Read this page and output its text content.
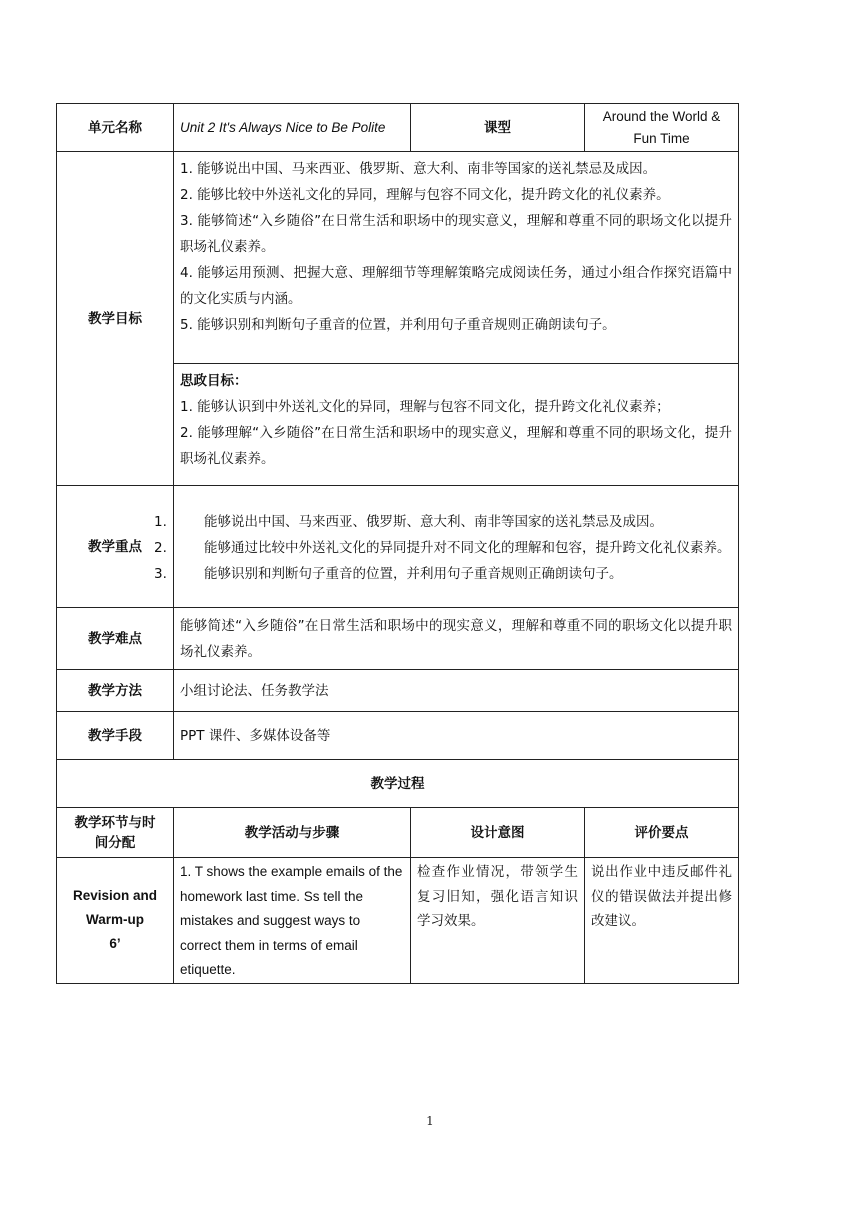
单元名称	Unit 2 It's Always Nice to Be Polite	课型	Around the World & Fun Time
教学目标	1. 能够说出中国、马来西亚、俄罗斯、意大利、南非等国家的送礼禁忌及成因。
2. 能够比较中外送礼文化的异同，理解与包容不同文化，提升跨文化的礼仪素养。
3. 能够简述“入乡随俗”在日常生活和职场中的现实意义，理解和尊重不同的职场文化以提升职场礼仪素养。
4. 能够运用预测、把握大意、理解细节等理解策略完成阅读任务，通过小组合作探究语篇中的文化实质与内涵。
5. 能够识别和判断句子重音的位置，并利用句子重音规则正确朗读句子。		

	思政目标：
1. 能够认识到中外送礼文化的异同，理解与包容不同文化，提升跨文化礼仪素养；
2. 能够理解“入乡随俗”在日常生活和职场中的现实意义，理解和尊重不同的职场文化，提升职场礼仪素养。		

教学重点	1. 能够说出中国、马来西亚、俄罗斯、意大利、南非等国家的送礼禁忌及成因。
2. 能够通过比较中外送礼文化的异同提升对不同文化的理解和包容，提升跨文化礼仪素养。
3. 能够识别和判断句子重音的位置，并利用句子重音规则正确朗读句子。		

教学难点	能够简述“入乡随俗”在日常生活和职场中的现实意义，理解和尊重不同的职场文化以提升职场礼仪素养。		

教学方法	小组讨论法、任务教学法		
教学手段	PPT 课件、多媒体设备等		
教学过程			
教学环节与时间分配	教学活动与步骤	设计意图	评价要点

Revision and
Warm-up
6’	1. T shows the example emails of the homework last time. Ss tell the mistakes and suggest ways to correct them in terms of email etiquette.	检查作业情况，带领学生复习旧知，强化语言知识学习效果。	说出作业中违反邮件礼仪的错误做法并提出修改建议。
1
